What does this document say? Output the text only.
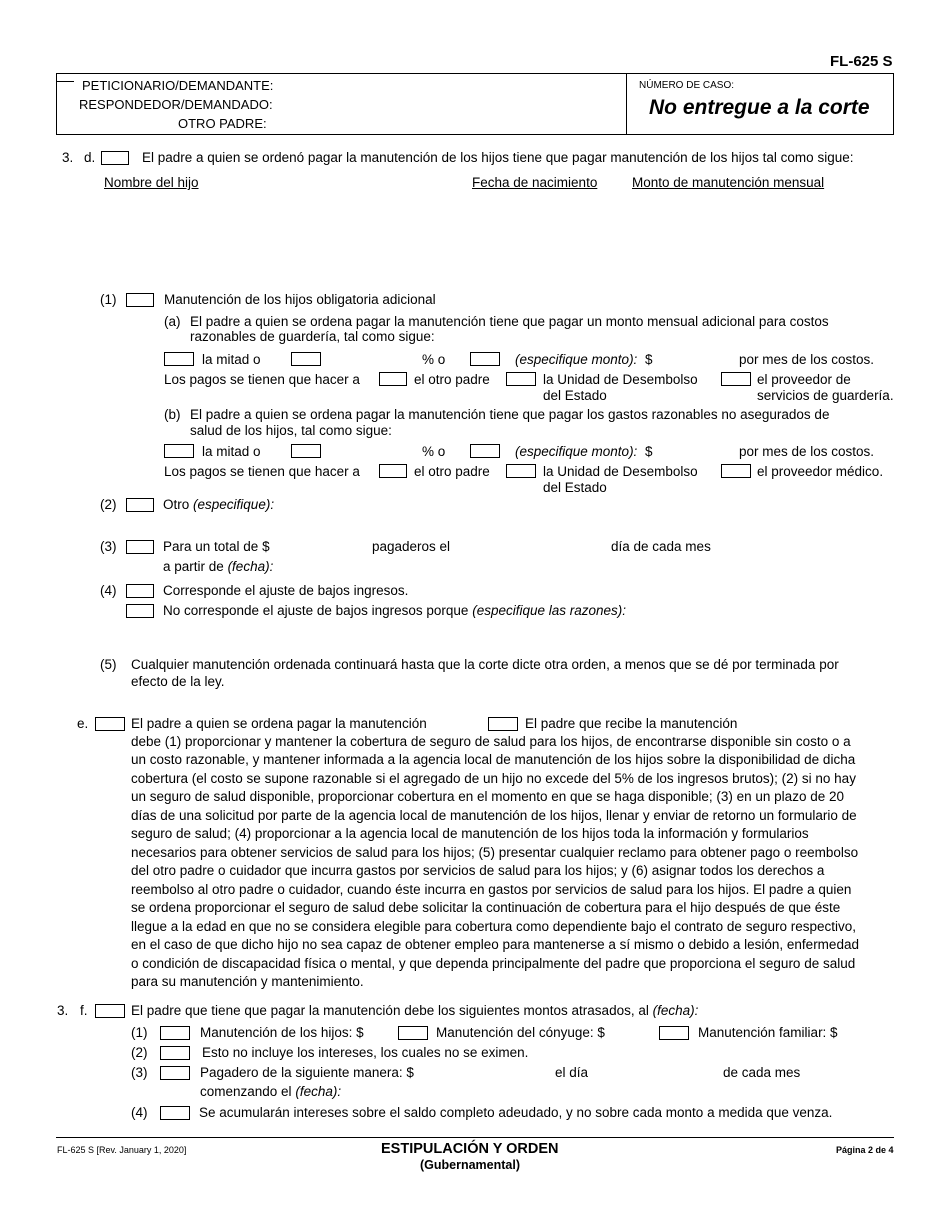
FL-625 S
PETICIONARIO/DEMANDANTE:
RESPONDEDOR/DEMANDADO:
OTRO PADRE:
NÚMERO DE CASO:
No entregue a la corte
3. d.	El padre a quien se ordenó pagar la manutención de los hijos tiene que pagar manutención de los hijos tal como sigue:
Nombre del hijo	Fecha de nacimiento	Monto de manutención mensual
(1)	Manutención de los hijos obligatoria adicional
(a) El padre a quien se ordena pagar la manutención tiene que pagar un monto mensual adicional para costos
razonables de guardería, tal como sigue:
la mitad o	% o	(especifique monto): $	por mes de los costos.
Los pagos se tienen que hacer a	el otro padre	la Unidad de Desembolso
del Estado
el proveedor de
servicios de guardería.
(b) El padre a quien se ordena pagar la manutención tiene que pagar los gastos razonables no asegurados de
salud de los hijos, tal como sigue:
la mitad o	% o	(especifique monto): $	por mes de los costos.
Los pagos se tienen que hacer a	el otro padre	la Unidad de Desembolso
del Estado
el proveedor médico.
(2)	Otro (especifique):
(3)	Para un total de $	pagaderos el	día de cada mes
a partir de (fecha):
(4)	Corresponde el ajuste de bajos ingresos.
No corresponde el ajuste de bajos ingresos porque (especifique las razones):
(5) Cualquier manutención ordenada continuará hasta que la corte dicte otra orden, a menos que se dé por terminada por
efecto de la ley.
e.	El padre a quien se ordena pagar la manutención	El padre que recibe la manutención
debe (1) proporcionar y mantener la cobertura de seguro de salud para los hijos, de encontrarse disponible sin costo o a
un costo razonable, y mantener informada a la agencia local de manutención de los hijos sobre la disponibilidad de dicha
cobertura (el costo se supone razonable si el agregado de un hijo no excede del 5% de los ingresos brutos); (2) si no hay
un seguro de salud disponible, proporcionar cobertura en el momento en que se haga disponible; (3) en un plazo de 20
días de una solicitud por parte de la agencia local de manutención de los hijos, llenar y enviar de retorno un formulario de
seguro de salud; (4) proporcionar a la agencia local de manutención de los hijos toda la información y formularios
necesarios para obtener servicios de salud para los hijos; (5) presentar cualquier reclamo para obtener pago o reembolso
del otro padre o cuidador que incurra gastos por servicios de salud para los hijos; y (6) asignar todos los derechos a
reembolso al otro padre o cuidador, cuando éste incurra en gastos por servicios de salud para los hijos. El padre a quien
se ordena proporcionar el seguro de salud debe solicitar la continuación de cobertura para el hijo después de que éste
llegue a la edad en que no se considera elegible para cobertura como dependiente bajo el contrato de seguro respectivo,
en el caso de que dicho hijo no sea capaz de obtener empleo para mantenerse a sí mismo o debido a lesión, enfermedad
o condición de discapacidad física o mental, y que dependa principalmente del padre que proporciona el seguro de salud
para su manutención y mantenimiento.
3. f.	El padre que tiene que pagar la manutención debe los siguientes montos atrasados, al (fecha):
(1)	Manutención de los hijos: $	Manutención del cónyuge: $	Manutención familiar: $
(2)	Esto no incluye los intereses, los cuales no se eximen.
(3)	Pagadero de la siguiente manera: $	el día	de cada mes
comenzando el (fecha):
(4)	Se acumularán intereses sobre el saldo completo adeudado, y no sobre cada monto a medida que venza.
FL-625 S [Rev. January 1, 2020]	ESTIPULACIÓN Y ORDEN
(Gubernamental)
Página 2 de 4
